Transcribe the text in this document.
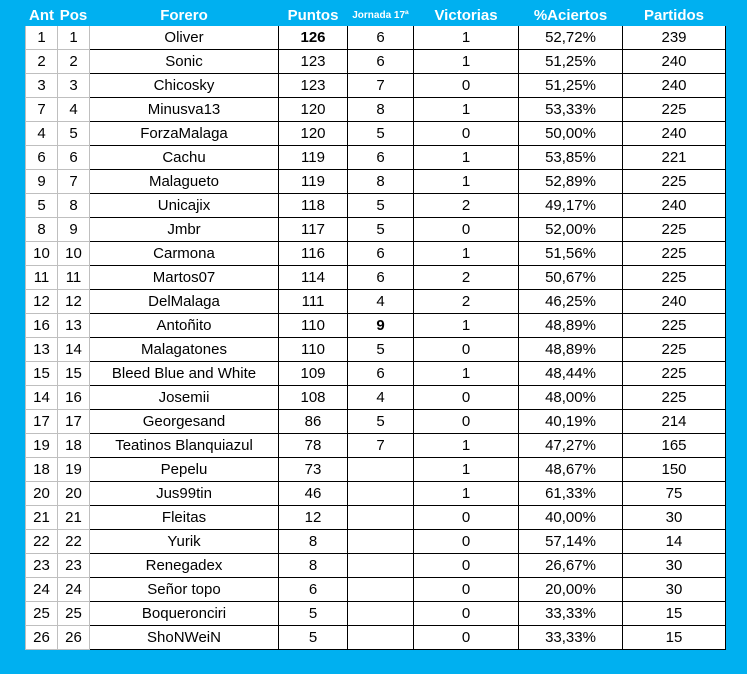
Ant	Pos	Forero	Puntos	Jornada 17ª	Victorias	%Aciertos	Partidos
1	1	Oliver	126	6	1	52,72%	239
2	2	Sonic	123	6	1	51,25%	240
3	3	Chicosky	123	7	0	51,25%	240
7	4	Minusva13	120	8	1	53,33%	225
4	5	ForzaMalaga	120	5	0	50,00%	240
6	6	Cachu	119	6	1	53,85%	221
9	7	Malagueto	119	8	1	52,89%	225
5	8	Unicajix	118	5	2	49,17%	240
8	9	Jmbr	117	5	0	52,00%	225
10	10	Carmona	116	6	1	51,56%	225
11	11	Martos07	114	6	2	50,67%	225
12	12	DelMalaga	111	4	2	46,25%	240
16	13	Antoñito	110	9	1	48,89%	225
13	14	Malagatones	110	5	0	48,89%	225
15	15	Bleed Blue and White	109	6	1	48,44%	225
14	16	Josemii	108	4	0	48,00%	225
17	17	Georgesand	86	5	0	40,19%	214
19	18	Teatinos Blanquiazul	78	7	1	47,27%	165
18	19	Pepelu	73		1	48,67%	150
20	20	Jus99tin	46		1	61,33%	75
21	21	Fleitas	12		0	40,00%	30
22	22	Yurik	8		0	57,14%	14
23	23	Renegadex	8		0	26,67%	30
24	24	Señor topo	6		0	20,00%	30
25	25	Boqueronciri	5		0	33,33%	15
26	26	ShoNWeiN	5		0	33,33%	15
